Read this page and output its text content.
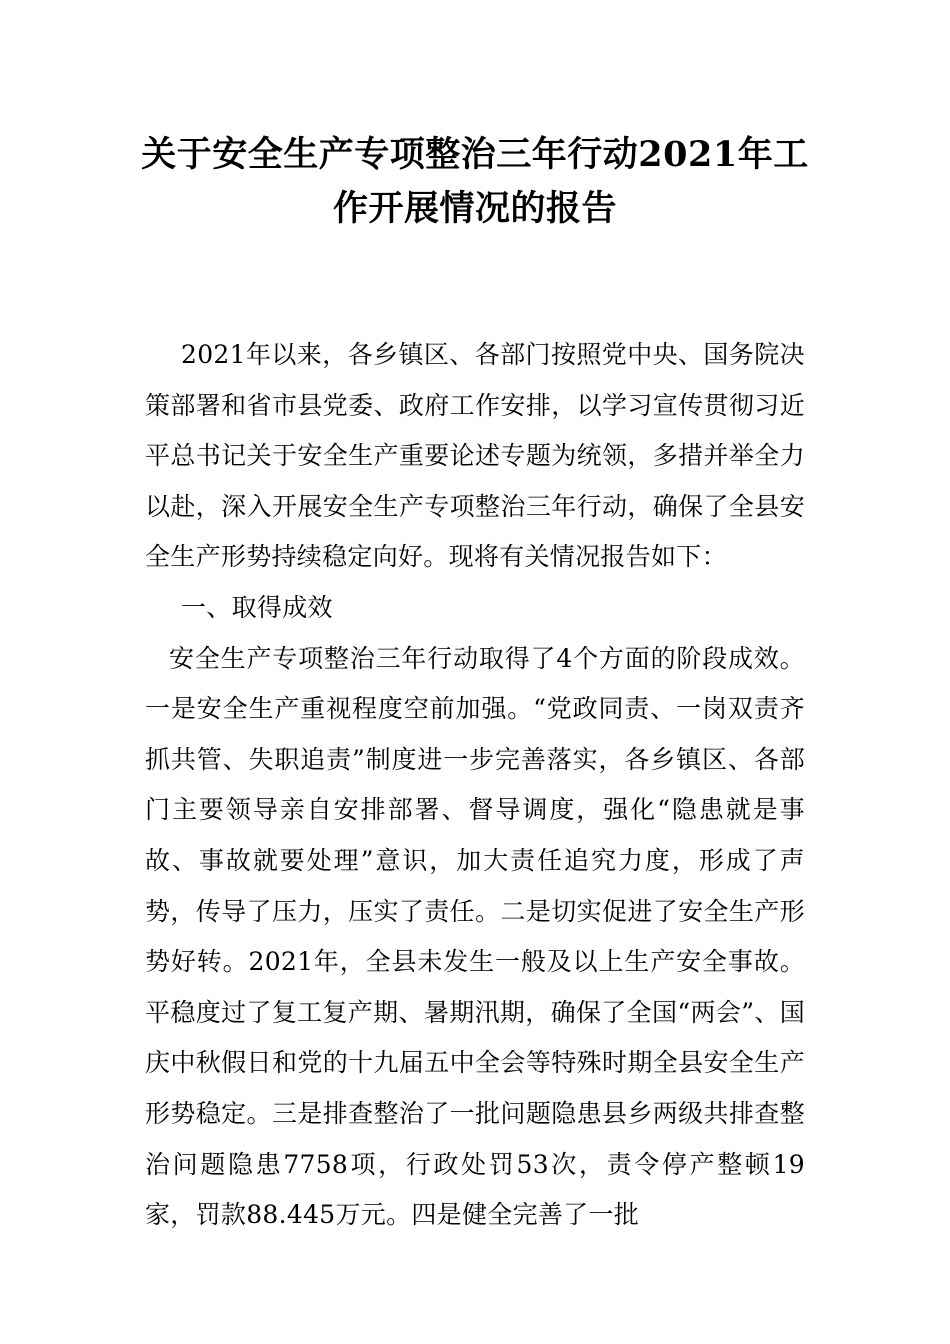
关于安全生产专项整治三年行动2021年工作开展情况的报告

2021年以来，各乡镇区、各部门按照党中央、国务院决策部署和省市县党委、政府工作安排，以学习宣传贯彻习近平总书记关于安全生产重要论述专题为统领，多措并举全力以赴，深入开展安全生产专项整治三年行动，确保了全县安全生产形势持续稳定向好。现将有关情况报告如下：

一、取得成效

安全生产专项整治三年行动取得了4个方面的阶段成效。一是安全生产重视程度空前加强。“党政同责、一岗双责齐抓共管、失职追责”制度进一步完善落实，各乡镇区、各部门主要领导亲自安排部署、督导调度，强化“隐患就是事故、事故就要处理”意识，加大责任追究力度，形成了声势，传导了压力，压实了责任。二是切实促进了安全生产形势好转。2021年，全县未发生一般及以上生产安全事故。平稳度过了复工复产期、暑期汛期，确保了全国“两会”、国庆中秋假日和党的十九届五中全会等特殊时期全县安全生产形势稳定。三是排查整治了一批问题隐患县乡两级共排查整治问题隐患7758项，行政处罚53次，责令停产整顿19家，罚款88.445万元。四是健全完善了一批
